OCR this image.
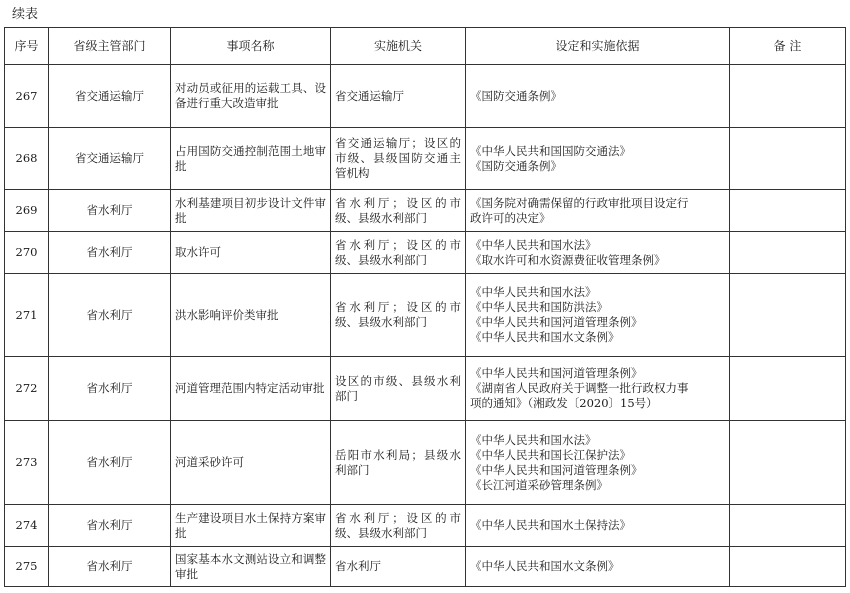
续表
序号	省级主管部门	事项名称	实施机关	设定和实施依据	备 注
267	省交通运输厅	对动员或征用的运载工具、设备进行重大改造审批	省交通运输厅	《国防交通条例》	

268	省交通运输厅	占用国防交通控制范围土地审批	省交通运输厅；设区的市级、县级国防交通主管机构	《中华人民共和国国防交通法》
《国防交通条例》	

269	省水利厅	水利基建项目初步设计文件审批	省水利厅；设区的市级、县级水利部门	《国务院对确需保留的行政审批项目设定行
政许可的决定》	

270	省水利厅	取水许可	省水利厅；设区的市级、县级水利部门	《中华人民共和国水法》
《取水许可和水资源费征收管理条例》	

271	省水利厅	洪水影响评价类审批	省水利厅；设区的市级、县级水利部门	《中华人民共和国水法》
《中华人民共和国防洪法》
《中华人民共和国河道管理条例》
《中华人民共和国水文条例》	

272	省水利厅	河道管理范围内特定活动审批	设区的市级、县级水利部门	《中华人民共和国河道管理条例》
《湖南省人民政府关于调整一批行政权力事
项的通知》（湘政发〔2020〕15号）	

273	省水利厅	河道采砂许可	岳阳市水利局；县级水利部门	《中华人民共和国水法》
《中华人民共和国长江保护法》
《中华人民共和国河道管理条例》
《长江河道采砂管理条例》	

274	省水利厅	生产建设项目水土保持方案审批	省水利厅；设区的市级、县级水利部门	《中华人民共和国水土保持法》	

275	省水利厅	国家基本水文测站设立和调整审批	省水利厅	《中华人民共和国水文条例》	
